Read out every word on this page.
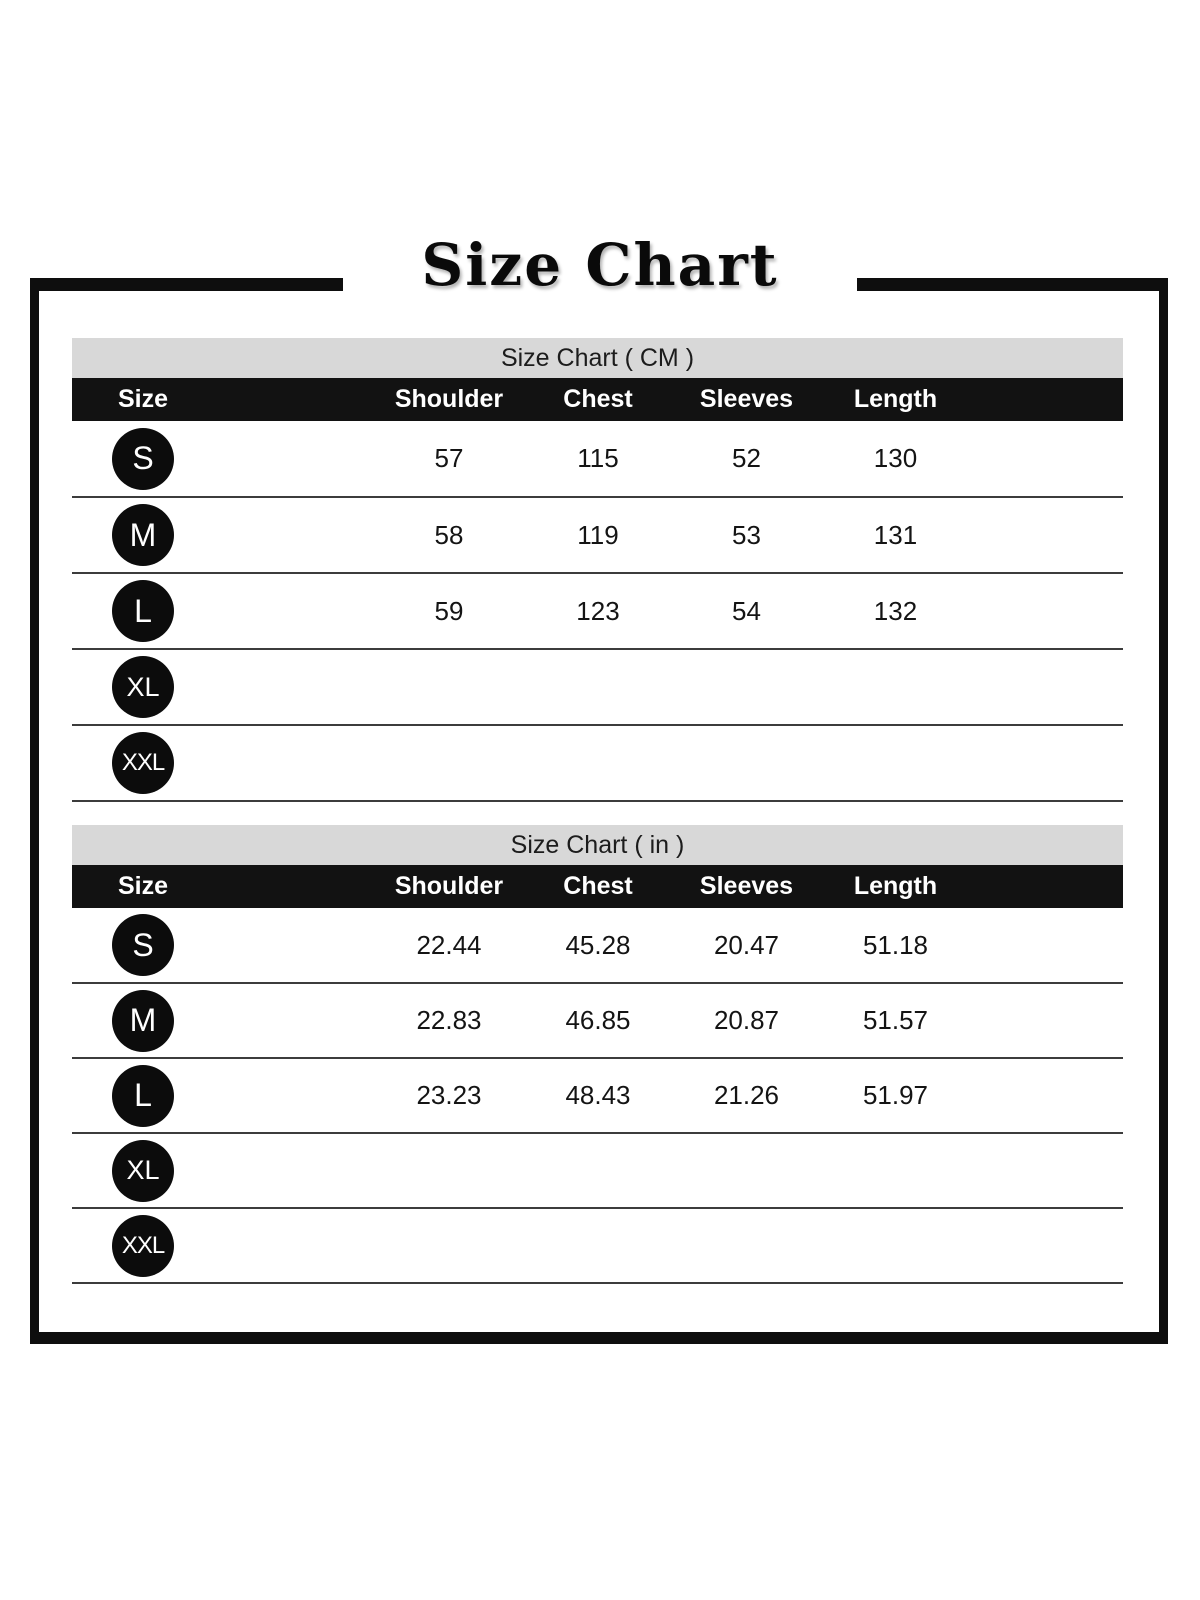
Size Chart
Size Chart ( CM )
Size	Shoulder	Chest	Sleeves	Length	
S	57	115	52	130	
M	58	119	53	131	
L	59	123	54	132	
XL					
XXL					
Size Chart ( in )
Size	Shoulder	Chest	Sleeves	Length	
S	22.44	45.28	20.47	51.18	
M	22.83	46.85	20.87	51.57	
L	23.23	48.43	21.26	51.97	
XL					
XXL					
